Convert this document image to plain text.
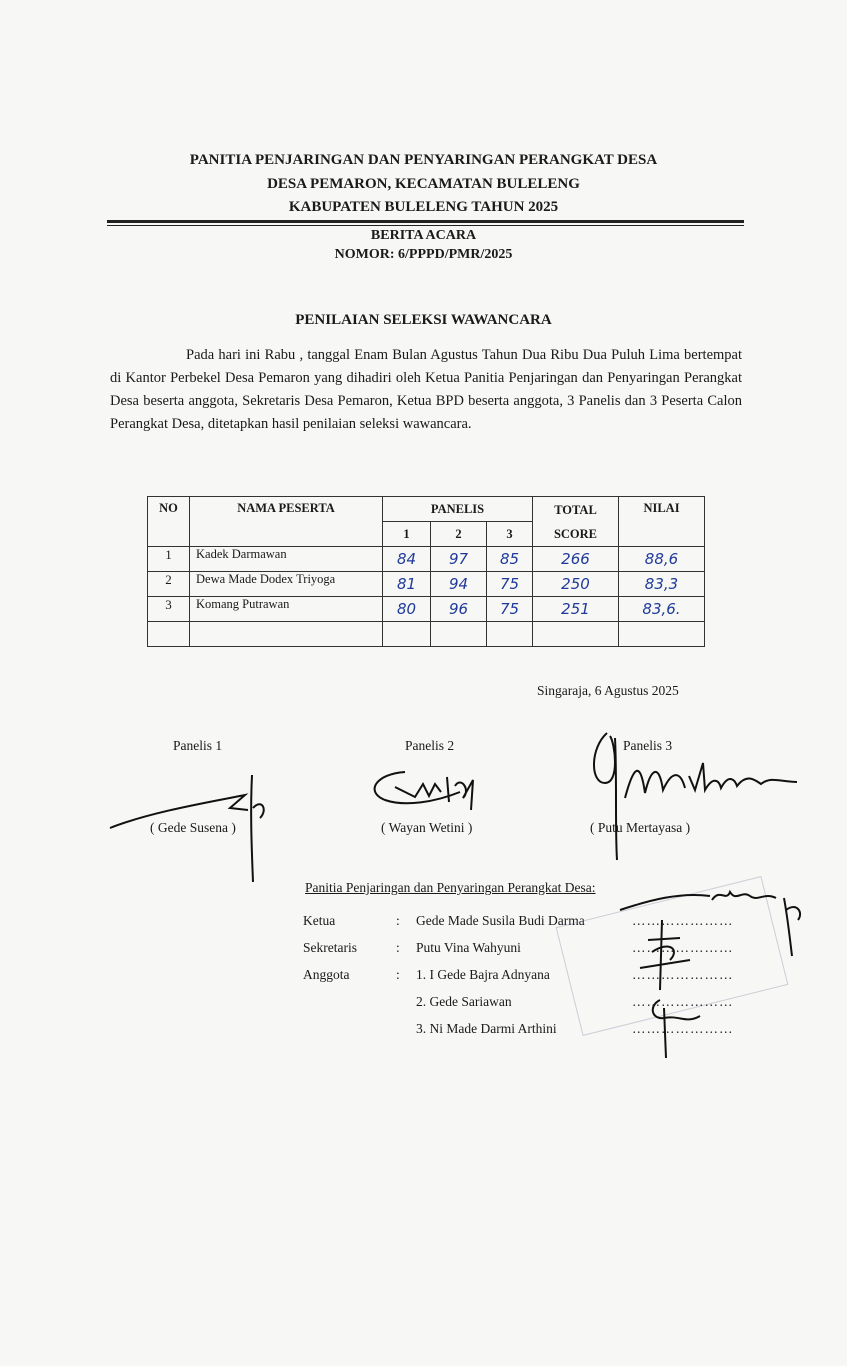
PANITIA PENJARINGAN DAN PENYARINGAN PERANGKAT DESA
DESA PEMARON, KECAMATAN BULELENG
KABUPATEN BULELENG TAHUN 2025
BERITA ACARA
NOMOR: 6/PPPD/PMR/2025
PENILAIAN SELEKSI WAWANCARA
Pada hari ini Rabu , tanggal Enam Bulan Agustus Tahun Dua Ribu Dua Puluh Lima bertempat di Kantor Perbekel Desa Pemaron yang dihadiri oleh Ketua Panitia Penjaringan dan Penyaringan Perangkat Desa beserta anggota, Sekretaris Desa Pemaron, Ketua BPD beserta anggota, 3 Panelis dan 3 Peserta Calon Perangkat Desa, ditetapkan hasil penilaian seleksi wawancara.
NO	NAMA PESERTA	PANELIS			TOTAL SCORE	NILAI
		1	2	3		
1	Kadek Darmawan	84	97	85	266	88,6
2	Dewa Made Dodex Triyoga	81	94	75	250	83,3
3	Komang Putrawan	80	96	75	251	83,6.

Singaraja, 6 Agustus 2025
Panelis 1	Panelis 2	Panelis 3
( Gede Susena )	( Wayan Wetini )	( Putu Mertayasa )
Panitia Penjaringan dan Penyaringan Perangkat Desa:
Ketua	: Gede Made Susila Budi Darma	…………………
Sekretaris	: Putu Vina Wahyuni	…………………
Anggota	: 1. I Gede Bajra Adnyana	…………………
2. Gede Sariawan	…………………
3. Ni Made Darmi Arthini	…………………
